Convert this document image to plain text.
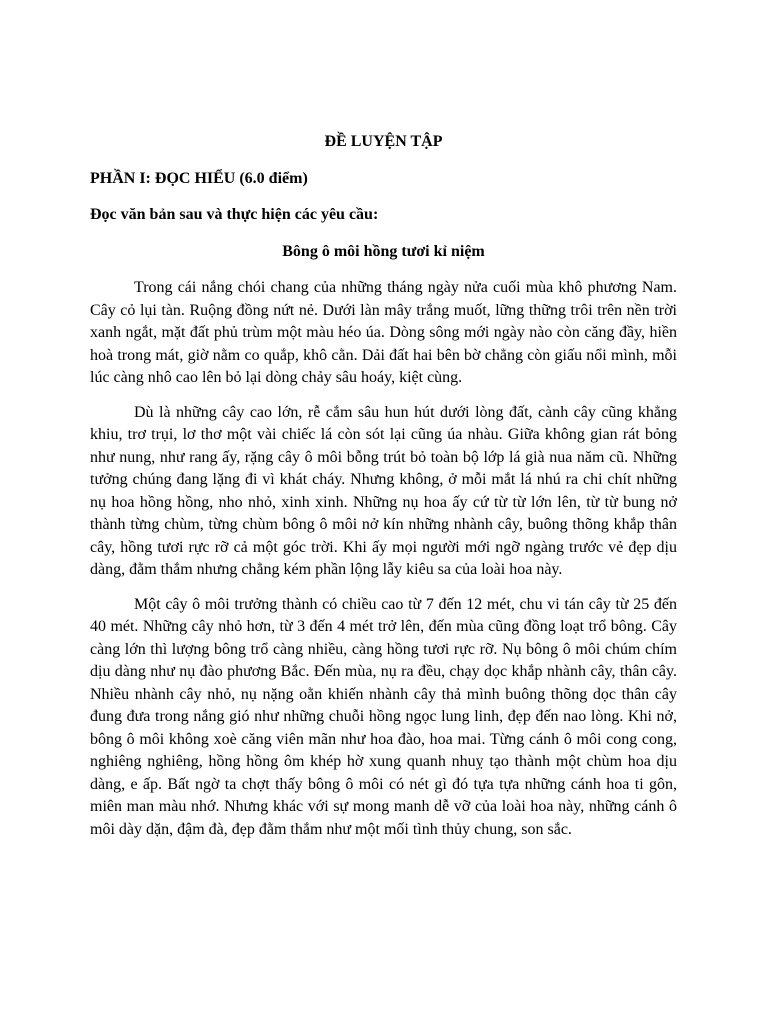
ĐỀ LUYỆN TẬP
PHẦN I: ĐỌC HIỂU (6.0 điểm)
Đọc văn bản sau và thực hiện các yêu cầu:
Bông ô môi hồng tươi kỉ niệm

Trong cái nắng chói chang của những tháng ngày nửa cuối mùa khô phương Nam. Cây cỏ lụi tàn. Ruộng đồng nứt nẻ. Dưới làn mây trắng muốt, lững thững trôi trên nền trời xanh ngắt, mặt đất phủ trùm một màu héo úa. Dòng sông mới ngày nào còn căng đầy, hiền hoà trong mát, giờ nằm co quắp, khô cằn. Dải đất hai bên bờ chẳng còn giấu nổi mình, mỗi lúc càng nhô cao lên bỏ lại dòng chảy sâu hoáy, kiệt cùng.

Dù là những cây cao lớn, rễ cắm sâu hun hút dưới lòng đất, cành cây cũng khẳng khiu, trơ trụi, lơ thơ một vài chiếc lá còn sót lại cũng úa nhàu. Giữa không gian rát bỏng như nung, như rang ấy, rặng cây ô môi bỗng trút bỏ toàn bộ lớp lá già nua năm cũ. Những tưởng chúng đang lặng đi vì khát cháy. Nhưng không, ở mỗi mắt lá nhú ra chi chít những nụ hoa hồng hồng, nho nhỏ, xinh xinh. Những nụ hoa ấy cứ từ từ lớn lên, từ từ bung nở thành từng chùm, từng chùm bông ô môi nở kín những nhành cây, buông thõng khắp thân cây, hồng tươi rực rỡ cả một góc trời. Khi ấy mọi người mới ngỡ ngàng trước vẻ đẹp dịu dàng, đằm thắm nhưng chẳng kém phần lộng lẫy kiêu sa của loài hoa này.

Một cây ô môi trưởng thành có chiều cao từ 7 đến 12 mét, chu vi tán cây từ 25 đến 40 mét. Những cây nhỏ hơn, từ 3 đến 4 mét trở lên, đến mùa cũng đồng loạt trổ bông. Cây càng lớn thì lượng bông trổ càng nhiều, càng hồng tươi rực rỡ. Nụ bông ô môi chúm chím dịu dàng như nụ đào phương Bắc. Đến mùa, nụ ra đều, chạy dọc khắp nhành cây, thân cây. Nhiều nhành cây nhỏ, nụ nặng oằn khiến nhành cây thả mình buông thõng dọc thân cây đung đưa trong nắng gió như những chuỗi hồng ngọc lung linh, đẹp đến nao lòng. Khi nở, bông ô môi không xoè căng viên mãn như hoa đào, hoa mai. Từng cánh ô môi cong cong, nghiêng nghiêng, hồng hồng ôm khép hờ xung quanh nhuỵ tạo thành một chùm hoa dịu dàng, e ấp. Bất ngờ ta chợt thấy bông ô môi có nét gì đó tựa tựa những cánh hoa ti gôn, miên man màu nhớ. Nhưng khác với sự mong manh dễ vỡ của loài hoa này, những cánh ô môi dày dặn, đậm đà, đẹp đằm thắm như một mối tình thủy chung, son sắc.
